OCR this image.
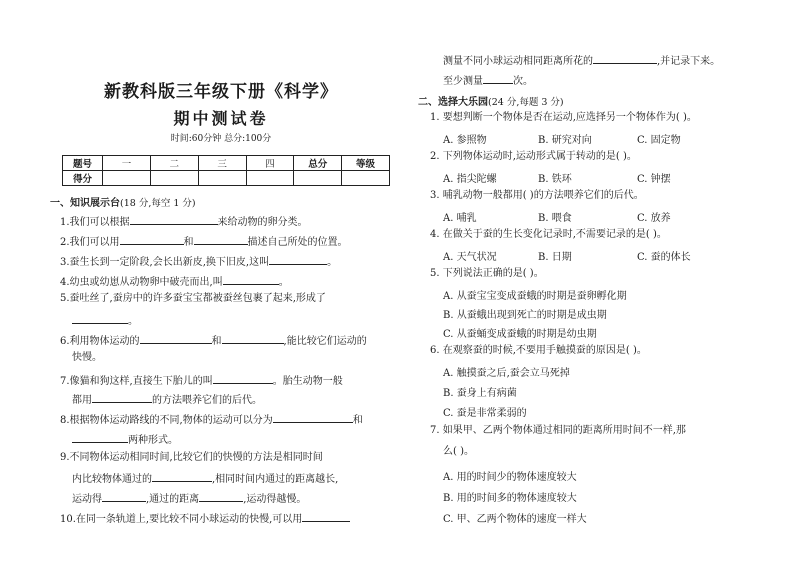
新教科版三年级下册《科学》
期中测试卷
时间:60分钟 总分:100分
题号	一	二	三	四	总分	等级
得分						
一、知识展示台(18 分,每空 1 分)
1.我们可以根据	来给动物的卵分类。
2.我们可以用	和	描述自己所处的位置。
3.蚕生长到一定阶段,会长出新皮,换下旧皮,这叫	。
4.幼虫或幼崽从动物卵中破壳而出,叫	。
5.蚕吐丝了,蚕房中的许多蚕宝宝都被蚕丝包裹了起来,形成了
。
6.利用物体运动的	和	,能比较它们运动的
快慢。
7.像猫和狗这样,直接生下胎儿的叫	。胎生动物一般
都用	的方法喂养它们的后代。
8.根据物体运动路线的不同,物体的运动可以分为	和
两种形式。
9.不同物体运动相同时间,比较它们的快慢的方法是相同时间
内比较物体通过的	,相同时间内通过的距离越长,
运动得	,通过的距离	,运动得越慢。
10.在同一条轨道上,要比较不同小球运动的快慢,可以用
测量不同小球运动相同距离所花的	,并记录下来。
至少测量	次。
二、选择大乐园(24 分,每题 3 分)
1. 要想判断一个物体是否在运动,应选择另一个物体作为( )。
A. 参照物	B. 研究对向	C. 固定物
2. 下列物体运动时,运动形式属于转动的是( )。
A. 指尖陀螺	B. 铁环	C. 钟摆
3. 哺乳动物一般都用( )的方法喂养它们的后代。
A. 哺乳	B. 喂食	C. 放养
4. 在做关于蚕的生长变化记录时,不需要记录的是( )。
A. 天气状况	B. 日期	C. 蚕的体长
5. 下列说法正确的是( )。
A. 从蚕宝宝变成蚕蛾的时期是蚕卵孵化期
B. 从蚕蛾出现到死亡的时期是成虫期
C. 从蚕蛹变成蚕蛾的时期是幼虫期
6. 在观察蚕的时候,不要用手触摸蚕的原因是( )。
A. 触摸蚕之后,蚕会立马死掉
B. 蚕身上有病菌
C. 蚕是非常柔弱的
7. 如果甲、乙两个物体通过相同的距离所用时间不一样,那
么( )。
A. 用的时间少的物体速度较大
B. 用的时间多的物体速度较大
C. 甲、乙两个物体的速度一样大
